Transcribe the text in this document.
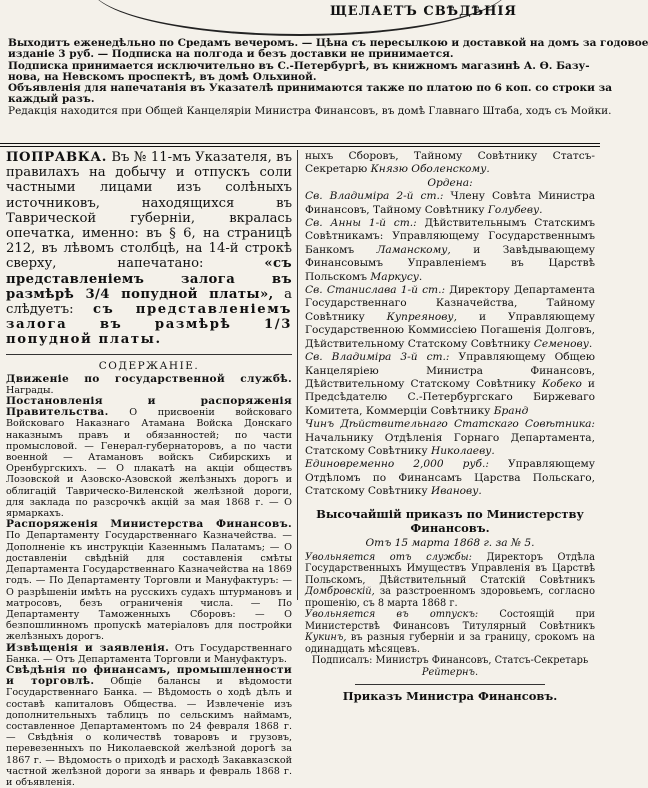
ЩЕЛАЕТЪ СВѢДѢНІЯ

Выходитъ еженедѣльно по Средамъ вечеромъ. — Цѣна съ пересылкою и доставкой на домъ за годовое

изданіе 3 руб. — Подписка на полгода и безъ доставки не принимается.

Подписка принимается исключительно въ С.-Петербургѣ, въ книжномъ магазинѣ А. Ѳ. Базу-

нова, на Невскомъ проспектѣ, въ домѣ Ольхиной.

Объявленія для напечатанія въ Указателѣ принимаются также по платою по 6 коп. со строки за

каждый разъ.

Редакція находится при Общей Канцеляріи Министра Финансовъ, въ домѣ Главнаго Штаба, ходъ съ Мойки.

ПОПРАВКА. Въ № 11-мъ Указателя, въ правилахъ на добычу и отпускъ соли частными лицами изъ солѣныхъ источниковъ, находящихся въ Таврической губерніи, вкралась опечатка, именно: въ § 6, на страницѣ 212, въ лѣвомъ столбцѣ, на 14-й строкѣ сверху, напечатано:	«съ представленіемъ залога въ размѣрѣ 3/4 попудной платы», а слѣдуетъ: съ представленіемъ залога въ размѣрѣ 1/3 попудной платы.

СОДЕРЖАНІЕ.

Движеніе по государственной службѣ. Награды.
Постановленія и распоряженія Правительства. О присвоеніи войсковаго Войсковаго Наказнаго Атамана Войска Донскаго наказнымъ правъ и обязанностей; по части промысловой. — Генерал-губернаторовъ, а по части военной — Атамановъ войскъ Сибирскихъ и Оренбургскихъ. — О плакатѣ на акціи обществъ Лозовской и Азовско-Азовской желѣзныхъ дорогъ и облигацій Таврическо-Виленской желѣзной дороги, для заклада по разсрочкѣ акцій за мая 1868 г. — О ярмаркахъ.
Распоряженія Министерства Финансовъ. По Департаменту Государственнаго Казначейства. — Дополненіе къ инструкціи Казеннымъ Палатамъ; — О доставленіи свѣдѣній для составленія смѣты Департамента Государственнаго Казначейства на 1869 годъ. — По Департаменту Торговли и Мануфактуръ: — О разрѣшеніи имѣть на русскихъ судахъ штурмановъ и матросовъ, безъ ограниченія числа. — По Департаменту Таможенныхъ Сборовъ: — О безпошлинномъ пропускѣ матеріаловъ для постройки желѣзныхъ дорогъ.
Извѣщенія и заявленія. Отъ Государственнаго Банка. — Отъ Департамента Торговли и Мануфактуръ.
Свѣдѣнія по финансамъ, промышленности и торговлѣ. Общіе балансы и вѣдомости Государственнаго Банка. — Вѣдомость о ходѣ дѣлъ и составѣ капиталовъ Общества. — Извлеченіе изъ дополнительныхъ таблицъ по сельскимъ наймамъ, составленное Департаментомъ по 24 февраля 1868 г. — Свѣдѣнія о количествѣ товаровъ и грузовъ, перевезенныхъ по Николаевской желѣзной дорогѣ за 1867 г. — Вѣдомость о приходѣ и расходѣ Закавказской частной желѣзной дороги за январь и февраль 1868 г. и объявленія.

ныхъ Сборовъ, Тайному Совѣтнику Статсъ-Секретарю Князю Оболенскому.

Ордена:

Св. Владиміра 2-й ст.: Члену Совѣта Министра Финансовъ, Тайному Совѣтнику Голубеву.

Св. Анны 1-й ст.: Дѣйствительнымъ Статскимъ Совѣтникамъ: Управляющему Государственнымъ Банкомъ Ламанскому, и Завѣдывающему Финансовымъ Управленіемъ въ Царствѣ Польскомъ Маркусу.

Св. Станислава 1-й ст.: Директору Департамента Государственнаго Казначейства, Тайному Совѣтнику Купреянову, и Управляющему Государственною Коммиссіею Погашенія Долговъ, Дѣйствительному Статскому Совѣтнику Семенову.

Св. Владиміра 3-й ст.: Управляющему Общею Канцеляріею Министра Финансовъ, Дѣйствительному Статскому Совѣтнику Кобеко и Предсѣдателю С.-Петербургскаго Биржеваго Комитета, Коммерціи Совѣтнику Бранд

Чинъ Дѣйствительнаго Статскаго Совѣтника: Начальнику Отдѣленія Горнаго Департамента, Статскому Совѣтнику Николаеву.

Единовременно 2,000 руб.: Управляющему Отдѣломъ по Финансамъ Царства Польскаго, Статскому Совѣтнику Иванову.

Высочайшій приказъ по Министерству Финансовъ.
Отъ 15 марта 1868 г. за № 5.

Увольняется отъ службы: Директоръ Отдѣла Государственныхъ Имуществъ Управленія въ Царствѣ Польскомъ, Дѣйствительный Статскій Совѣтникъ Домбровскій, за разстроенномъ здоровьемъ, согласно прошенію, съ 8 марта 1868 г.

Увольняется въ отпускъ: Состоящій при Министерствѣ Финансовъ Титулярный Совѣтникъ Кукинъ, въ разныя губерніи и за границу, срокомъ на одинадцать мѣсяцевъ.

Подписалъ: Министръ Финансовъ, Статсъ-Секретарь Рейтернъ.

Приказъ Министра Финансовъ.
